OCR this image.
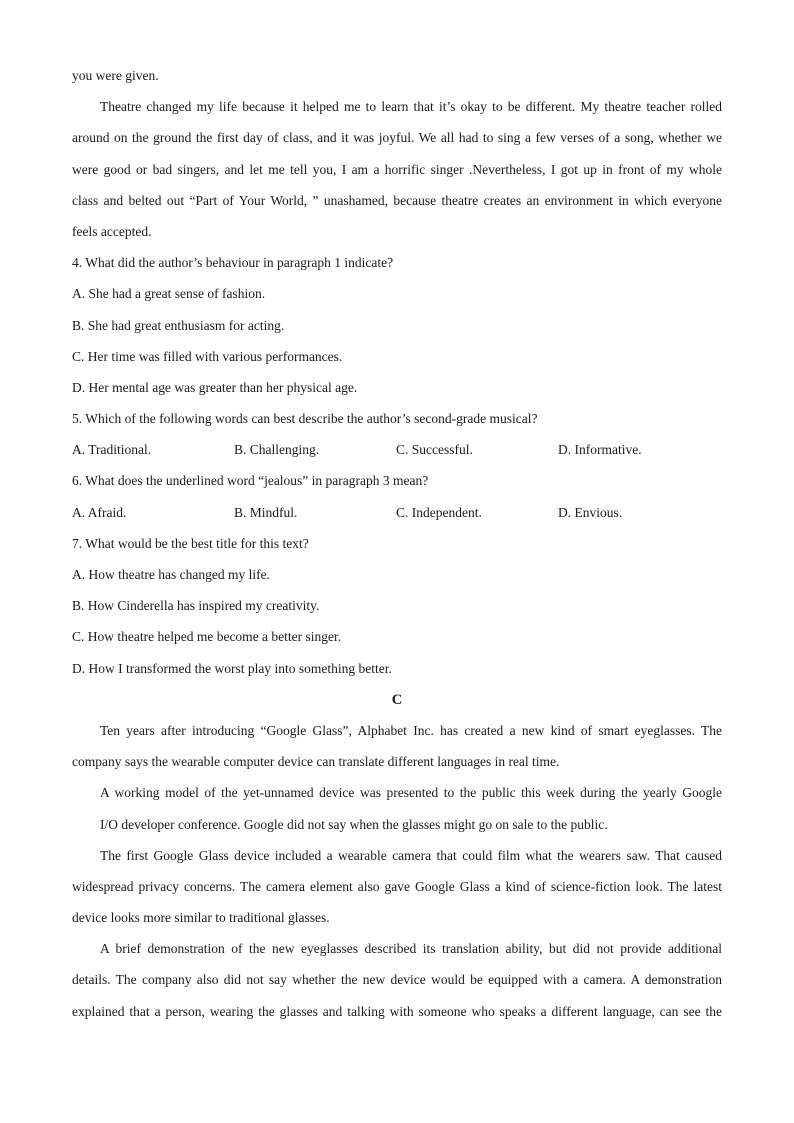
you were given.
Theatre changed my life because it helped me to learn that it’s okay to be different. My theatre teacher rolled
around on the ground the first day of class, and it was joyful. We all had to sing a few verses of a song, whether we
were good or bad singers, and let me tell you, I am a horrific singer .Nevertheless, I got up in front of my whole
class and belted out “Part of Your World, ” unashamed, because theatre creates an environment in which everyone
feels accepted.
4. What did the author’s behaviour in paragraph 1 indicate?
A. She had a great sense of fashion.
B. She had great enthusiasm for acting.
C. Her time was filled with various performances.
D. Her mental age was greater than her physical age.
5. Which of the following words can best describe the author’s second-grade musical?
A. Traditional.	B. Challenging.	C. Successful.	D. Informative.
6. What does the underlined word “jealous” in paragraph 3 mean?
A. Afraid.	B. Mindful.	C. Independent.	D. Envious.
7. What would be the best title for this text?
A. How theatre has changed my life.
B. How Cinderella has inspired my creativity.
C. How theatre helped me become a better singer.
D. How I transformed the worst play into something better.
C
Ten years after introducing “Google Glass”, Alphabet Inc. has created a new kind of smart eyeglasses. The
company says the wearable computer device can translate different languages in real time.
A working model of the yet-unnamed device was presented to the public this week during the yearly Google
I/O developer conference. Google did not say when the glasses might go on sale to the public.
The first Google Glass device included a wearable camera that could film what the wearers saw. That caused
widespread privacy concerns. The camera element also gave Google Glass a kind of science-fiction look. The latest
device looks more similar to traditional glasses.
A brief demonstration of the new eyeglasses described its translation ability, but did not provide additional
details. The company also did not say whether the new device would be equipped with a camera. A demonstration
explained that a person, wearing the glasses and talking with someone who speaks a different language, can see the
